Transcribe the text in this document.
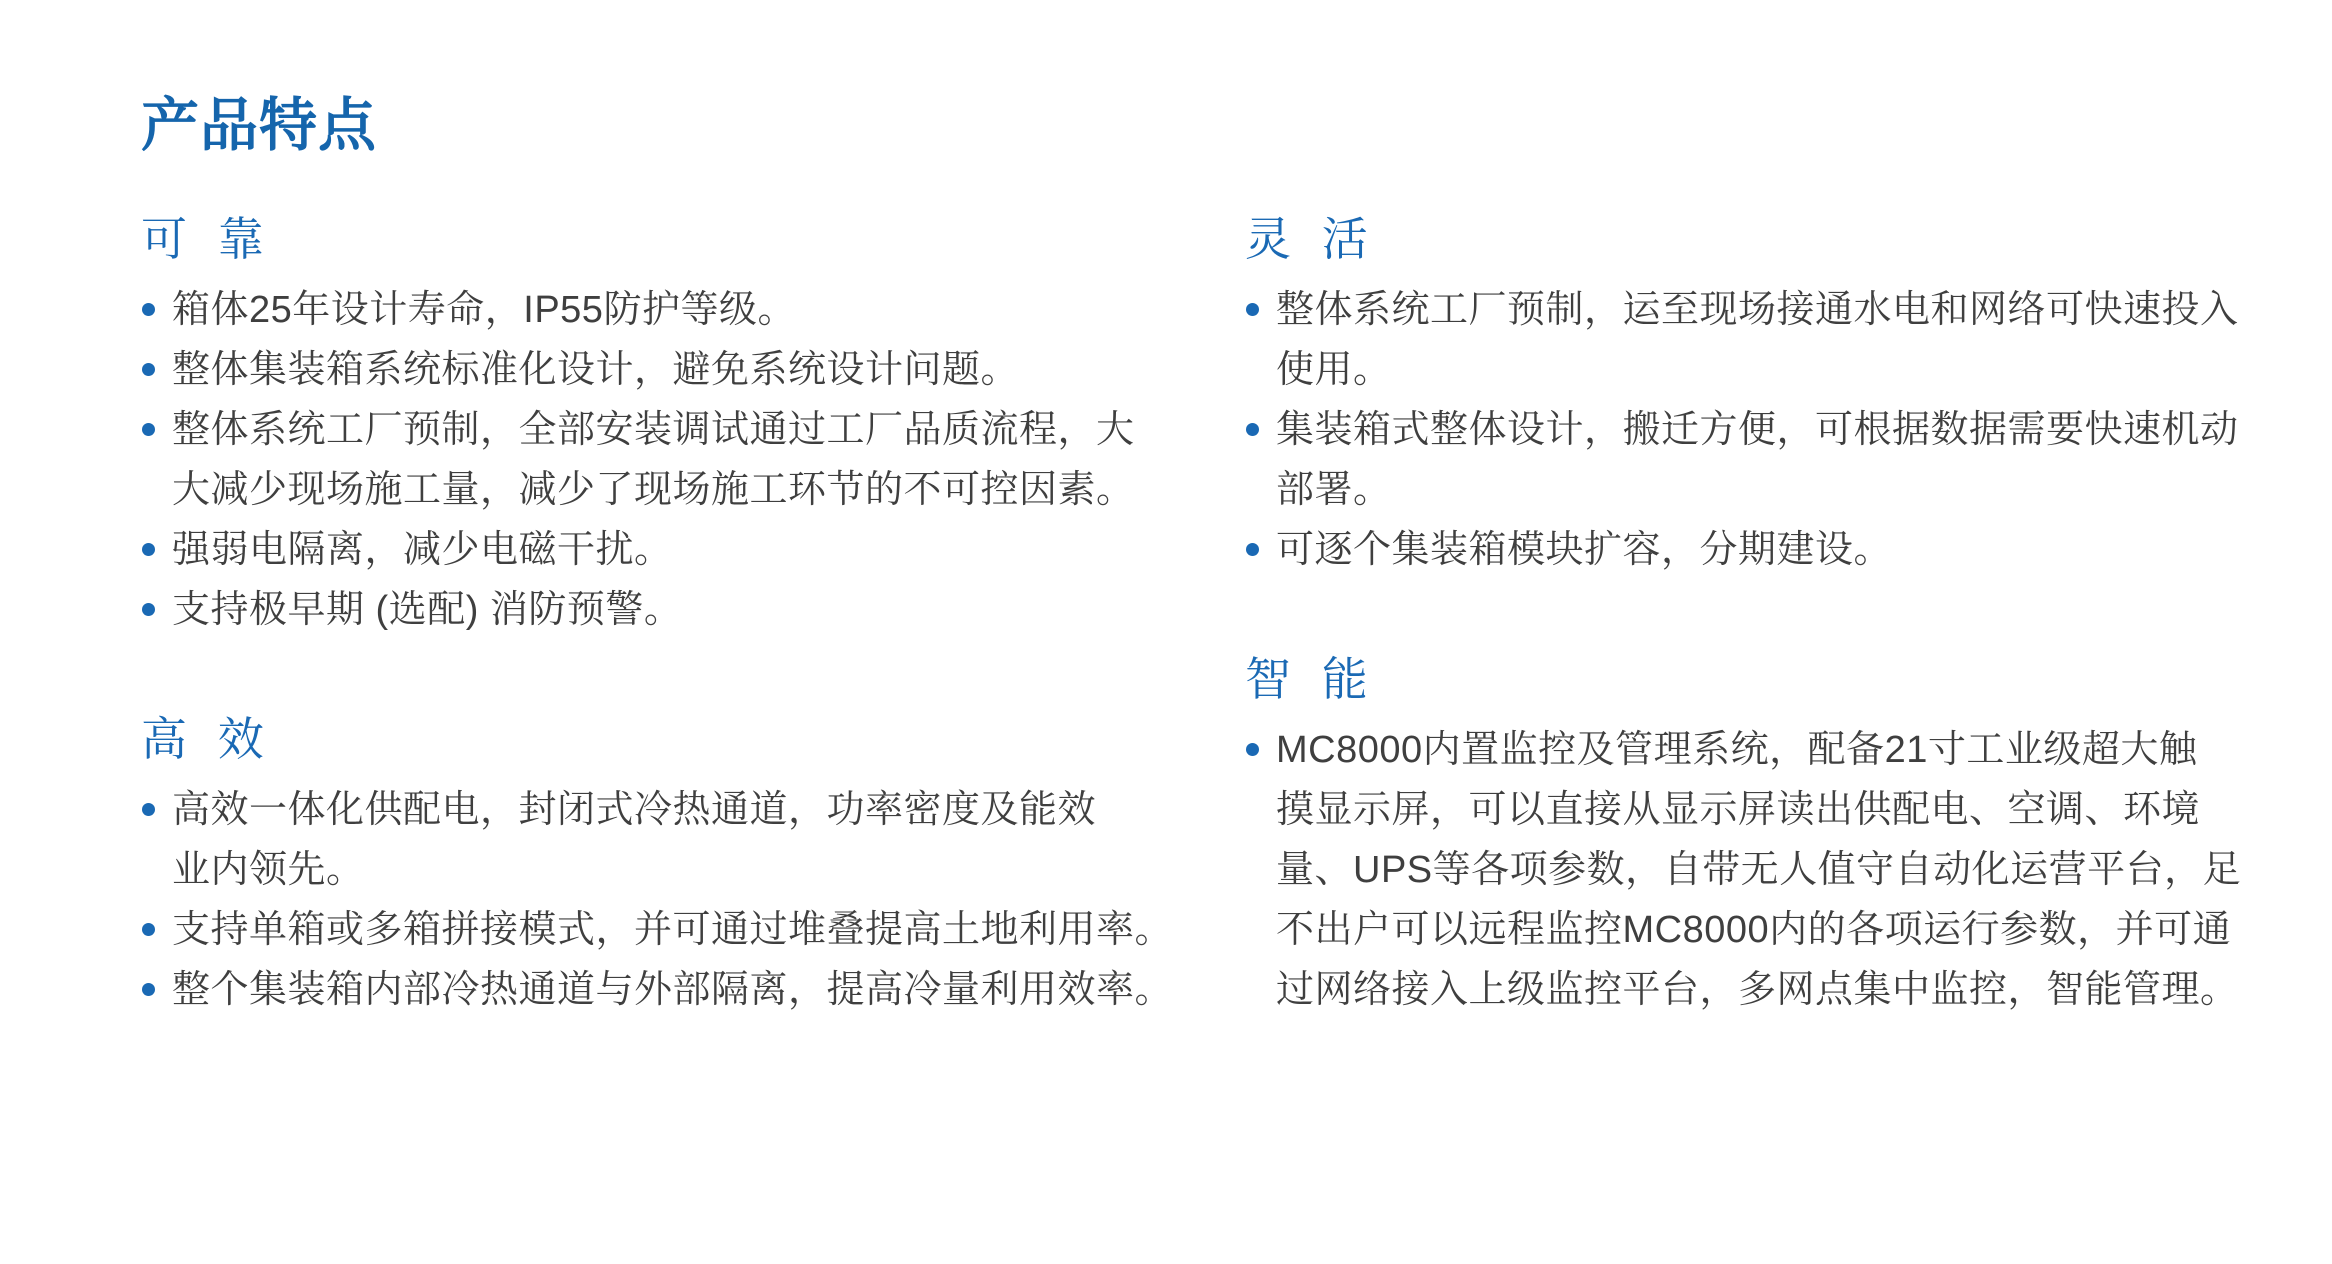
产品特点
可 靠
箱体25年设计寿命，IP55防护等级。
整体集装箱系统标准化设计，避免系统设计问题。
整体系统工厂预制，全部安装调试通过工厂品质流程，大
大减少现场施工量，减少了现场施工环节的不可控因素。
强弱电隔离，减少电磁干扰。
支持极早期 (选配) 消防预警。
高 效
高效一体化供配电，封闭式冷热通道，功率密度及能效
业内领先。
支持单箱或多箱拼接模式，并可通过堆叠提高土地利用率。
整个集装箱内部冷热通道与外部隔离，提高冷量利用效率。
灵 活
整体系统工厂预制，运至现场接通水电和网络可快速投入
使用。
集装箱式整体设计，搬迁方便，可根据数据需要快速机动
部署。
可逐个集装箱模块扩容，分期建设。
智 能
MC8000内置监控及管理系统，配备21寸工业级超大触
摸显示屏，可以直接从显示屏读出供配电、空调、环境
量、UPS等各项参数，自带无人值守自动化运营平台，足
不出户可以远程监控MC8000内的各项运行参数，并可通
过网络接入上级监控平台，多网点集中监控，智能管理。
